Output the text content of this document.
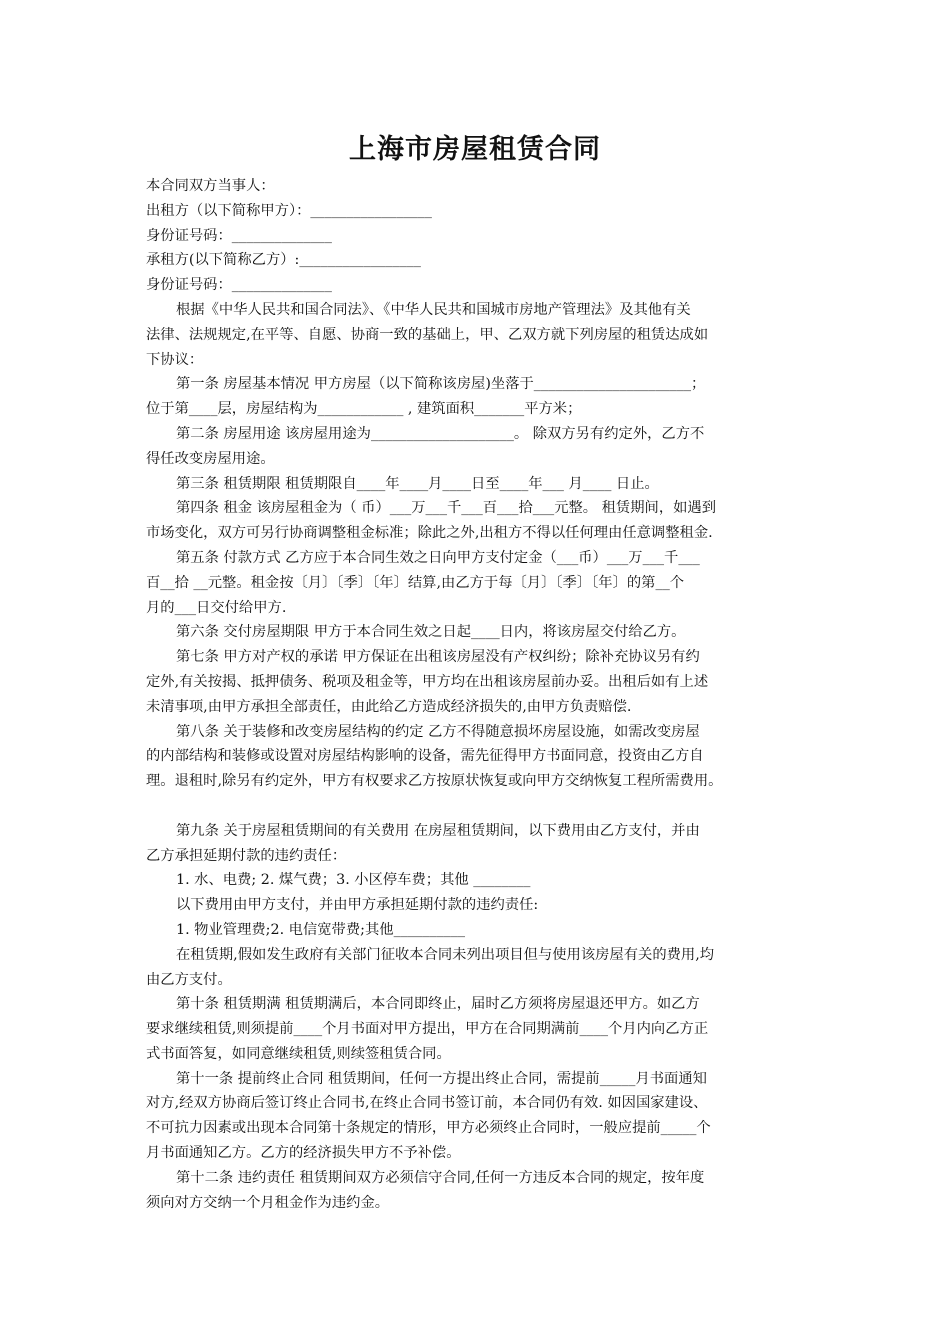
上海市房屋租赁合同
本合同双方当事人：
出租方（以下简称甲方）：_________________
身份证号码：______________
承租方(以下简称乙方）:_________________
身份证号码：______________
根据《中华人民共和国合同法》、《中华人民共和国城市房地产管理法》及其他有关
法律、法规规定,在平等、自愿、协商一致的基础上，甲、乙双方就下列房屋的租赁达成如
下协议：
第一条 房屋基本情况 甲方房屋（以下简称该房屋)坐落于______________________；
位于第____层，房屋结构为____________ , 建筑面积_______平方米；
第二条 房屋用途 该房屋用途为____________________。 除双方另有约定外，乙方不
得任改变房屋用途。
第三条 租赁期限 租赁期限自____年____月____日至____年___ 月____ 日止。
第四条 租金 该房屋租金为（ 币）___万___千___百___拾___元整。 租赁期间，如遇到
市场变化，双方可另行协商调整租金标准；除此之外,出租方不得以任何理由任意调整租金.
第五条 付款方式 乙方应于本合同生效之日向甲方支付定金（___币）___万___千___
百__拾 __元整。租金按〔月〕〔季〕〔年〕结算,由乙方于每〔月〕〔季〕〔年〕的第__个
月的___日交付给甲方.
第六条 交付房屋期限 甲方于本合同生效之日起____日内，将该房屋交付给乙方。
第七条 甲方对产权的承诺 甲方保证在出租该房屋没有产权纠纷；除补充协议另有约
定外,有关按揭、抵押债务、税项及租金等，甲方均在出租该房屋前办妥。出租后如有上述
未清事项,由甲方承担全部责任，由此给乙方造成经济损失的,由甲方负责赔偿.
第八条 关于装修和改变房屋结构的约定 乙方不得随意损坏房屋设施，如需改变房屋
的内部结构和装修或设置对房屋结构影响的设备，需先征得甲方书面同意，投资由乙方自
理。退租时,除另有约定外，甲方有权要求乙方按原状恢复或向甲方交纳恢复工程所需费用。
第九条 关于房屋租赁期间的有关费用 在房屋租赁期间，以下费用由乙方支付，并由
乙方承担延期付款的违约责任：
1. 水、电费; 2. 煤气费；3. 小区停车费；其他 ________
以下费用由甲方支付，并由甲方承担延期付款的违约责任:
1. 物业管理费;2. 电信宽带费;其他__________
在租赁期,假如发生政府有关部门征收本合同未列出项目但与使用该房屋有关的费用,均
由乙方支付。
第十条 租赁期满 租赁期满后，本合同即终止，届时乙方须将房屋退还甲方。如乙方
要求继续租赁,则须提前____个月书面对甲方提出，甲方在合同期满前____个月内向乙方正
式书面答复，如同意继续租赁,则续签租赁合同。
第十一条 提前终止合同 租赁期间，任何一方提出终止合同，需提前_____月书面通知
对方,经双方协商后签订终止合同书,在终止合同书签订前，本合同仍有效. 如因国家建设、
不可抗力因素或出现本合同第十条规定的情形，甲方必须终止合同时，一般应提前_____个
月书面通知乙方。乙方的经济损失甲方不予补偿。
第十二条 违约责任 租赁期间双方必须信守合同,任何一方违反本合同的规定，按年度
须向对方交纳一个月租金作为违约金。
